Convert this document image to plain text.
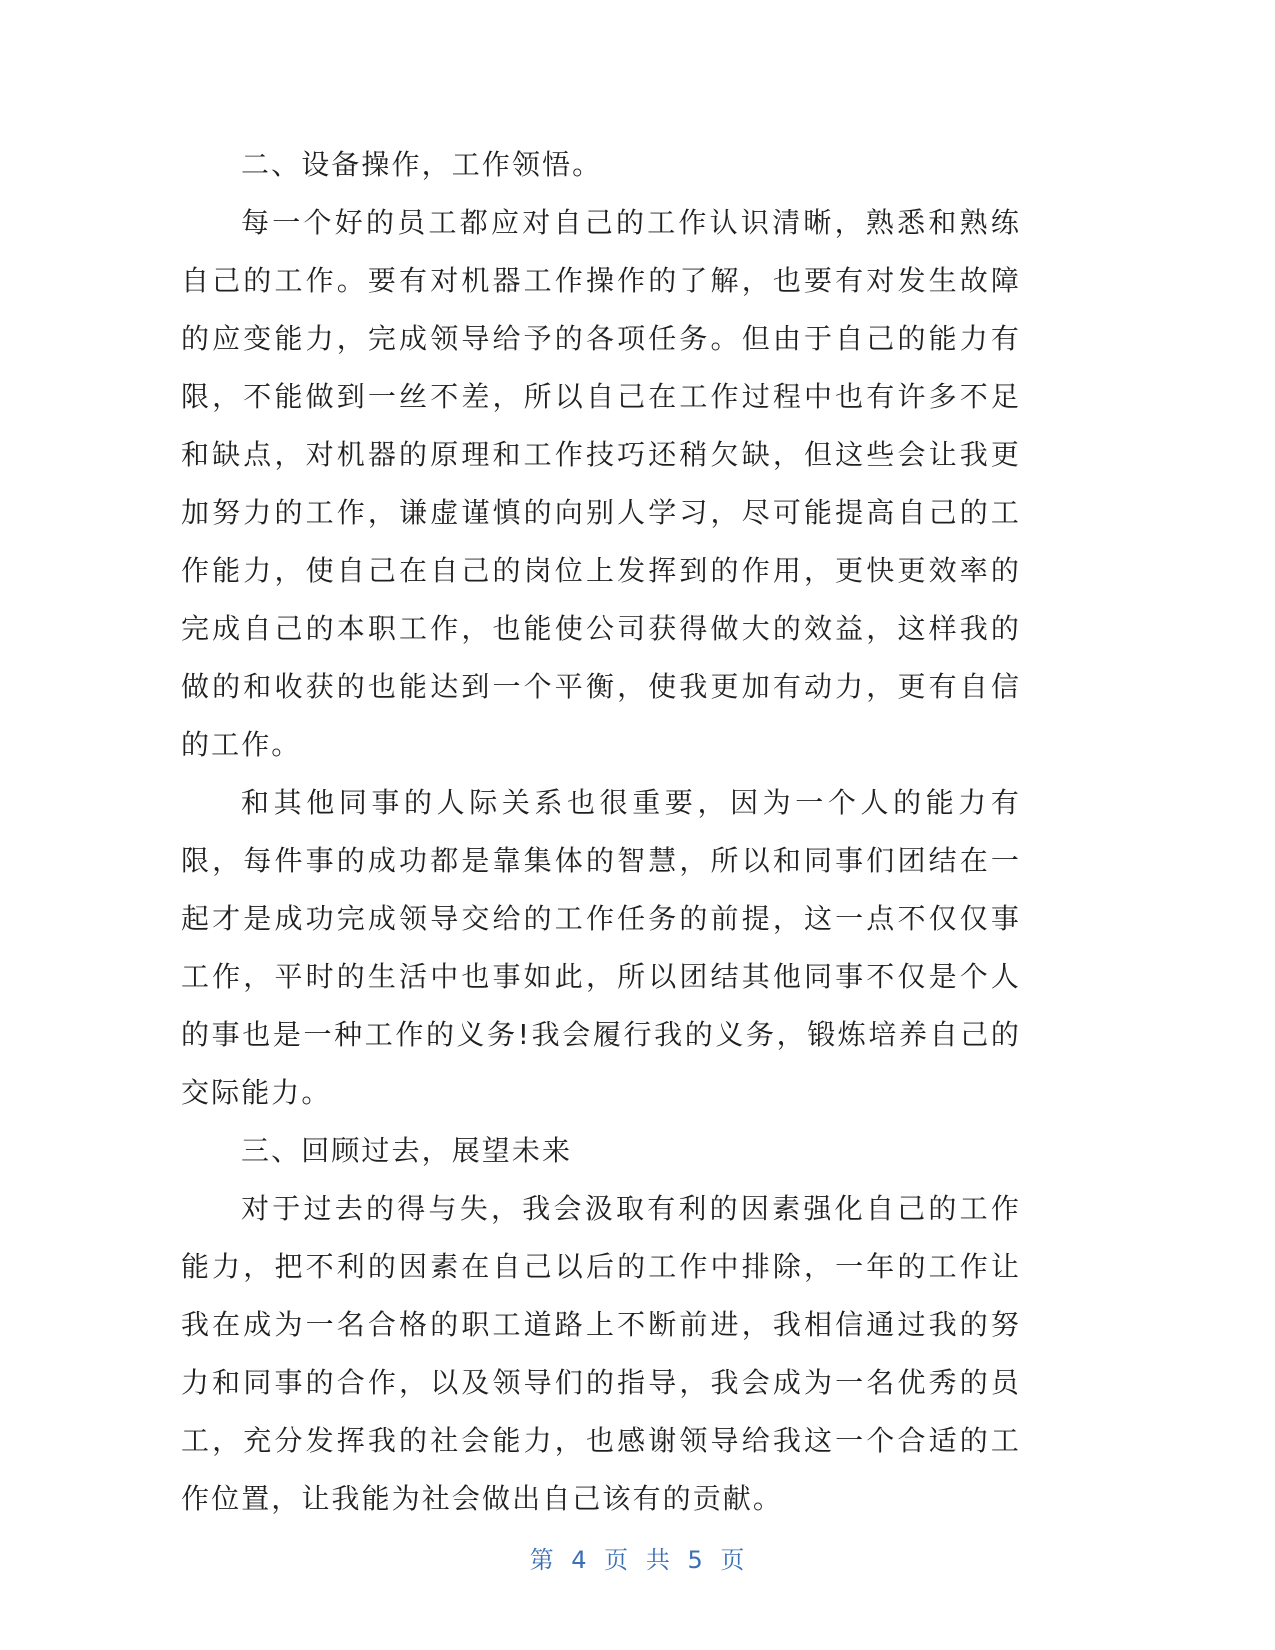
二、设备操作，工作领悟。

每一个好的员工都应对自己的工作认识清晰，熟悉和熟练自己的工作。要有对机器工作操作的了解，也要有对发生故障的应变能力，完成领导给予的各项任务。但由于自己的能力有限，不能做到一丝不差，所以自己在工作过程中也有许多不足和缺点，对机器的原理和工作技巧还稍欠缺，但这些会让我更加努力的工作，谦虚谨慎的向别人学习，尽可能提高自己的工作能力，使自己在自己的岗位上发挥到的作用，更快更效率的完成自己的本职工作，也能使公司获得做大的效益，这样我的做的和收获的也能达到一个平衡，使我更加有动力，更有自信的工作。

和其他同事的人际关系也很重要，因为一个人的能力有限，每件事的成功都是靠集体的智慧，所以和同事们团结在一起才是成功完成领导交给的工作任务的前提，这一点不仅仅事工作，平时的生活中也事如此，所以团结其他同事不仅是个人的事也是一种工作的义务!我会履行我的义务，锻炼培养自己的交际能力。

三、回顾过去，展望未来

对于过去的得与失，我会汲取有利的因素强化自己的工作能力，把不利的因素在自己以后的工作中排除，一年的工作让我在成为一名合格的职工道路上不断前进，我相信通过我的努力和同事的合作，以及领导们的指导，我会成为一名优秀的员工，充分发挥我的社会能力，也感谢领导给我这一个合适的工作位置，让我能为社会做出自己该有的贡献。

第 4 页 共 5 页
